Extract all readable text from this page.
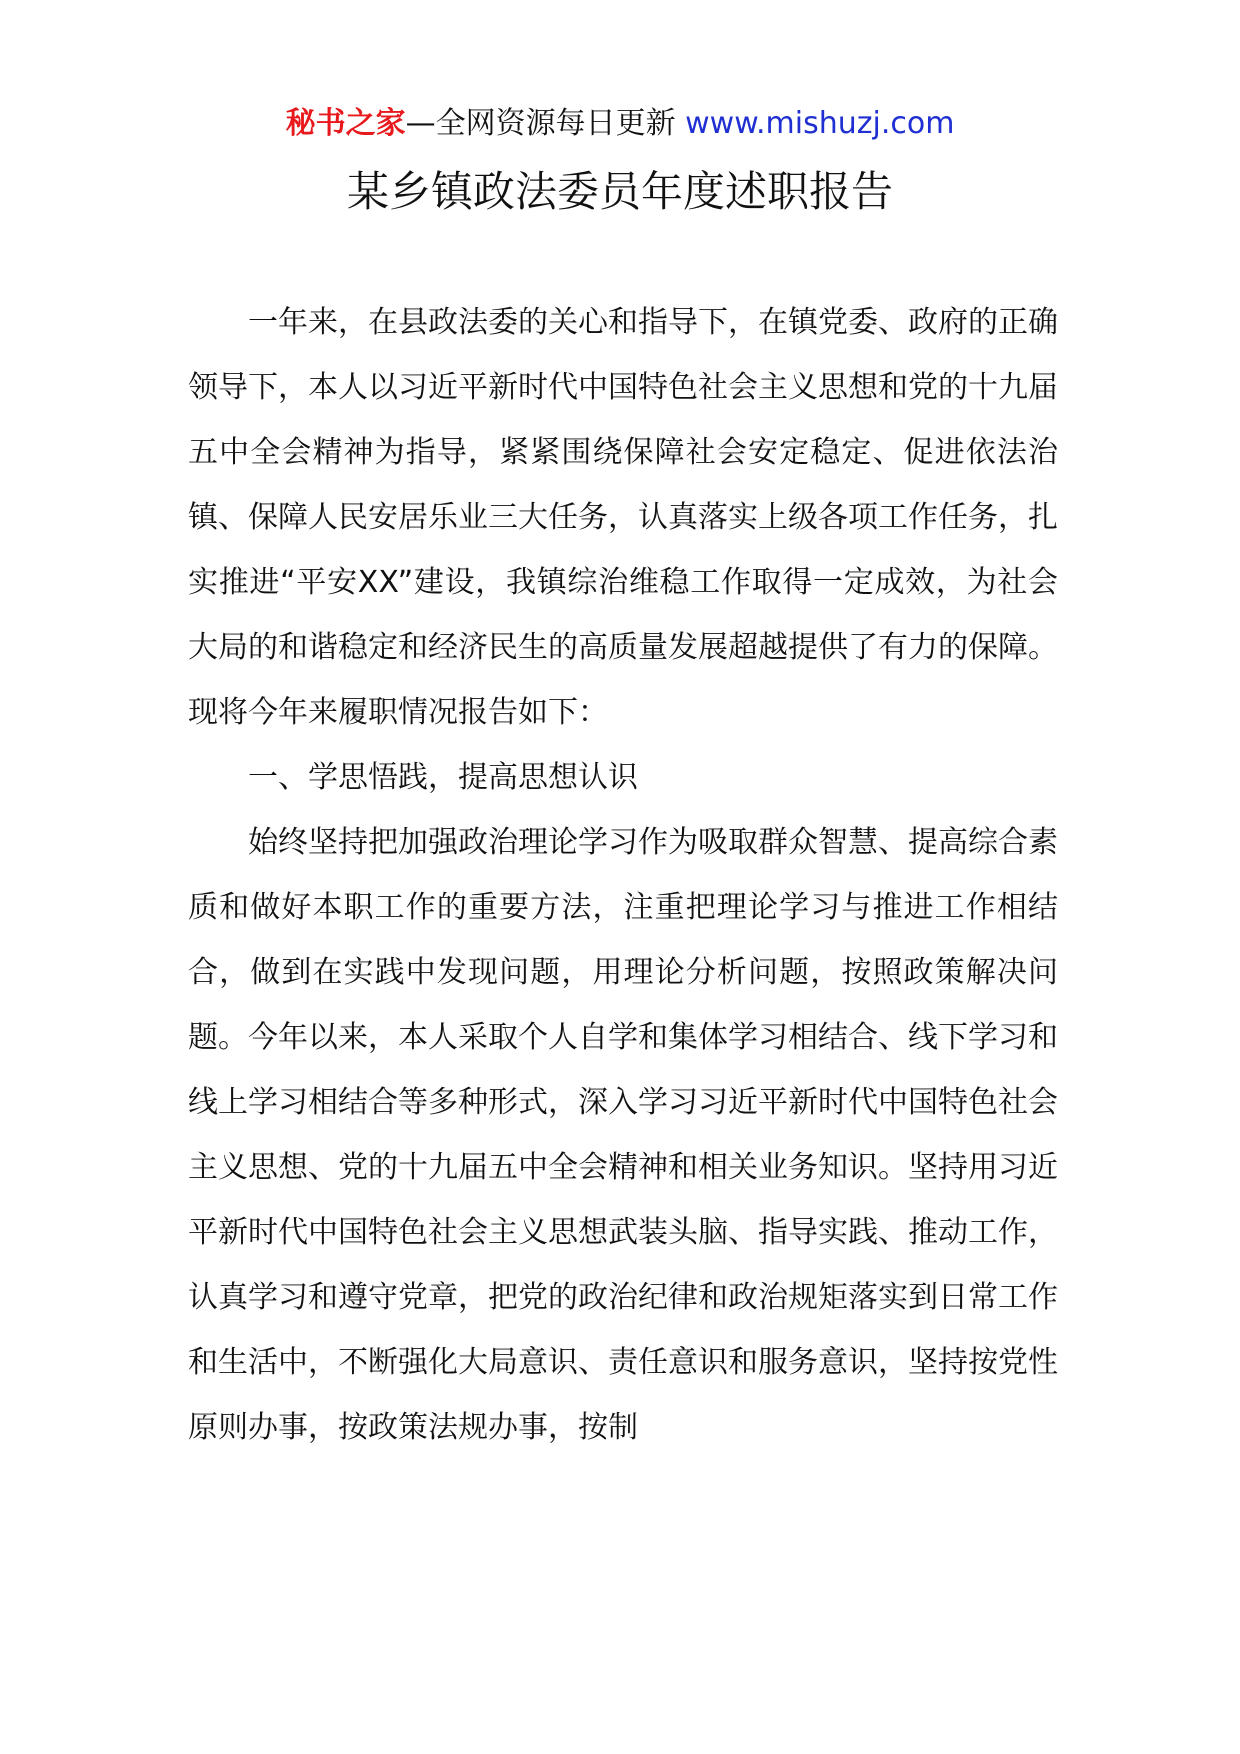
秘书之家—全网资源每日更新 www.mishuzj.com
某乡镇政法委员年度述职报告

一年来，在县政法委的关心和指导下，在镇党委、政府的正确领导下，本人以习近平新时代中国特色社会主义思想和党的十九届五中全会精神为指导，紧紧围绕保障社会安定稳定、促进依法治镇、保障人民安居乐业三大任务，认真落实上级各项工作任务，扎实推进“平安XX”建设，我镇综治维稳工作取得一定成效，为社会大局的和谐稳定和经济民生的高质量发展超越提供了有力的保障。现将今年来履职情况报告如下：

一、学思悟践，提高思想认识

始终坚持把加强政治理论学习作为吸取群众智慧、提高综合素质和做好本职工作的重要方法，注重把理论学习与推进工作相结合，做到在实践中发现问题，用理论分析问题，按照政策解决问题。今年以来，本人采取个人自学和集体学习相结合、线下学习和线上学习相结合等多种形式，深入学习习近平新时代中国特色社会主义思想、党的十九届五中全会精神和相关业务知识。坚持用习近平新时代中国特色社会主义思想武装头脑、指导实践、推动工作，认真学习和遵守党章，把党的政治纪律和政治规矩落实到日常工作和生活中，不断强化大局意识、责任意识和服务意识，坚持按党性原则办事，按政策法规办事，按制
